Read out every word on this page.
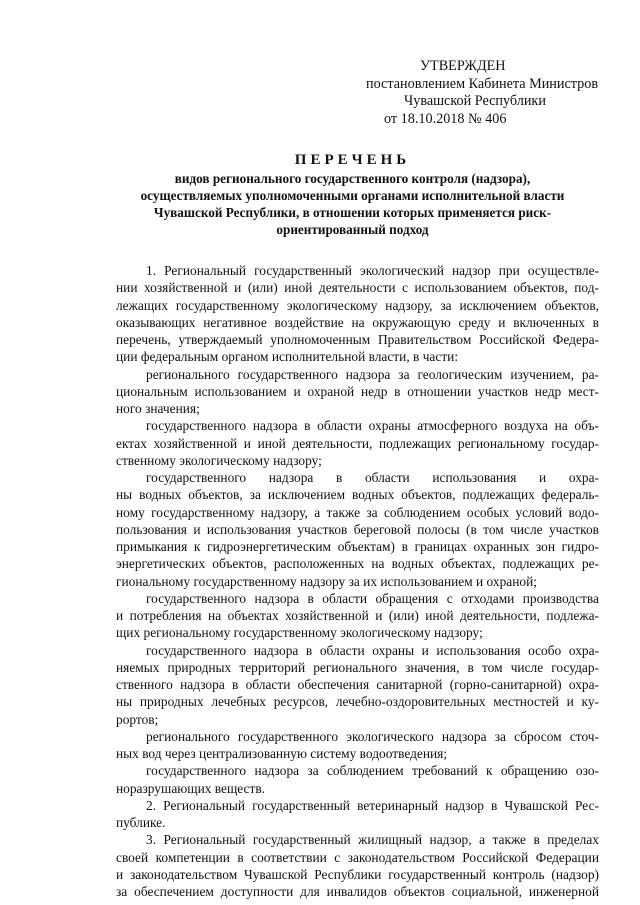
УТВЕРЖДЕН
постановлением Кабинета Министров
Чувашской Республики
от 18.10.2018 № 406
ПЕРЕЧЕНЬ
видов регионального государственного контроля (надзора),
осуществляемых уполномоченными органами исполнительной власти
Чувашской Республики, в отношении которых применяется риск-
ориентированный подход
1. Региональный государственный экологический надзор при осуществле-
нии хозяйственной и (или) иной деятельности с использованием объектов, под-
лежащих государственному экологическому надзору, за исключением объектов,
оказывающих негативное воздействие на окружающую среду и включенных в
перечень, утверждаемый уполномоченным Правительством Российской Федера-
ции федеральным органом исполнительной власти, в части:
регионального государственного надзора за геологическим изучением, ра-
циональным использованием и охраной недр в отношении участков недр мест-
ного значения;
государственного надзора в области охраны атмосферного воздуха на объ-
ектах хозяйственной и иной деятельности, подлежащих региональному государ-
ственному экологическому надзору;
государственного надзора в области использования и охра-
ны водных объектов, за исключением водных объектов, подлежащих федераль-
ному государственному надзору, а также за соблюдением особых условий водо-
пользования и использования участков береговой полосы (в том числе участков
примыкания к гидроэнергетическим объектам) в границах охранных зон гидро-
энергетических объектов, расположенных на водных объектах, подлежащих ре-
гиональному государственному надзору за их использованием и охраной;
государственного надзора в области обращения с отходами производства
и потребления на объектах хозяйственной и (или) иной деятельности, подлежа-
щих региональному государственному экологическому надзору;
государственного надзора в области охраны и использования особо охра-
няемых природных территорий регионального значения, в том числе государ-
ственного надзора в области обеспечения санитарной (горно-санитарной) охра-
ны природных лечебных ресурсов, лечебно-оздоровительных местностей и ку-
рортов;
регионального государственного экологического надзора за сбросом сточ-
ных вод через централизованную систему водоотведения;
государственного надзора за соблюдением требований к обращению озо-
норазрушающих веществ.
2. Региональный государственный ветеринарный надзор в Чувашской Рес-
публике.
3. Региональный государственный жилищный надзор, а также в пределах
своей компетенции в соответствии с законодательством Российской Федерации
и законодательством Чувашской Республики государственный контроль (надзор)
за обеспечением доступности для инвалидов объектов социальной, инженерной
